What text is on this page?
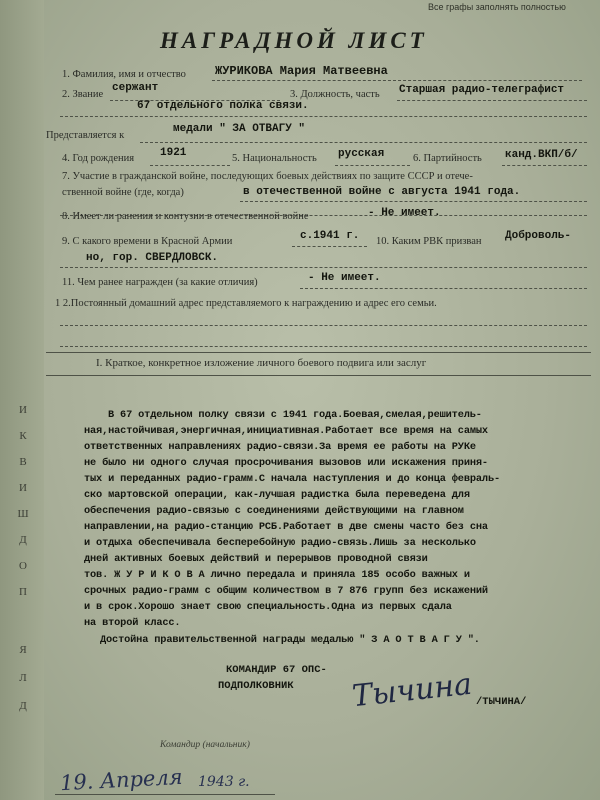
Д
Л
Я
П
О
Д
Ш
И
В
К
И
Все графы заполнять полностью
НАГРАДНОЙ ЛИСТ
1. Фамилия, имя и отчество ЖУРИКОВА Мария Матвеевна
2. Звание
сержант
3. Должность, часть Старшая радио-телеграфист
67 отдельного полка связи.
Представляется к
медали " ЗА ОТВАГУ "
4. Год рождения 1921	5. Национальность русская	6. Партийность канд.ВКП/б/
7. Участие в гражданской войне, последующих боевых действиях по защите СССР и отече-
ственной войне (где, когда)	в отечественной войне с августа 1941 года.
8. Имеет ли ранения и контузии в отечественной войне	- Не имеет.
9. С какого времени в Красной Армии	с.1941 г. 10. Каким РВК призван Доброволь-
но, гор. СВЕРДЛОВСК.
11. Чем ранее награжден (за какие отличия)	- Не имеет.
1 2.Постоянный домашний адрес представляемого к награждению и адрес его семьи.
I. Краткое, конкретное изложение личного боевого подвига или заслуг
В 67 отдельном полку связи с 1941 года.Боевая,смелая,решитель-
ная,настойчивая,энергичная,инициативная.Работает все время на самых
ответственных направлениях радио-связи.За время ее работы на РУКе
не было ни одного случая просрочивания вызовов или искажения приня-
тых и переданных радио-грамм.С начала наступления и до конца февраль-
ско мартовской операции, как-лучшая радистка была переведена для
обеспечения радио-связью с соединениями действующими на главном
направлении,на радио-станцию РСБ.Работает в две смены часто без сна
и отдыха обеспечивала бесперебойную радио-связь.Лишь за несколько
дней активных боевых действий и перерывов проводной связи
тов. Ж У Р И К О В А лично передала и приняла 185 особо важных и
срочных радио-грамм с общим количеством в 7 876 групп без искажений
и в срок.Хорошо знает свою специальность.Одна из первых сдала
на второй класс.
Достойна правительственной награды медалью " З А О Т В А Г У ".
КОМАНДИР 67 ОПС-
ПОДПОЛКОВНИК Тычина /ТЫЧИНА/
Командир (начальник)
19. Апреля 1943 г.
